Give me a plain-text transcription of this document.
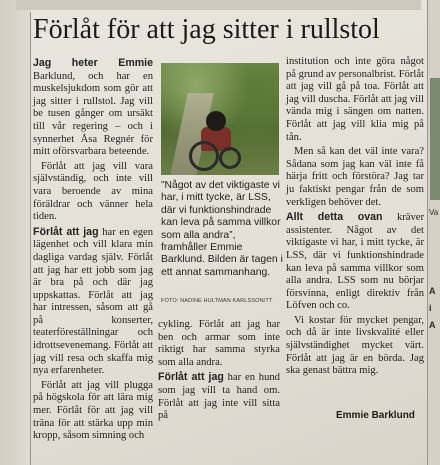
Förlåt för att jag sitter i rullstol

Jag heter Emmie Barklund, och har en muskelsjukdom som gör att jag sitter i rullstol. Jag vill be tusen gånger om ursäkt till vår regering – och i synnerhet Åsa Regnér för mitt oförsvarbara beteende.

Förlåt att jag vill vara självständig, och inte vill vara beroende av mina föräldrar och vänner hela tiden.

Förlåt att jag har en egen lägenhet och vill klara min dagliga vardag själv. Förlåt att jag har ett jobb som jag är bra på och där jag uppskattas. Förlåt att jag har intressen, såsom att gå på konserter, teaterföreställningar och idrottsevenemang. Förlåt att jag vill resa och skaffa mig nya erfarenheter.

Förlåt att jag vill plugga på högskola för att lära mig mer. Förlåt för att jag vill träna för att stärka upp min kropp, såsom simning och

”Något av det viktigaste vi har, i mitt tycke, är LSS, där vi funktionshindrade kan leva på samma villkor som alla andra”, framhåller Emmie Barklund. Bilden är tagen i ett annat sammanhang.

FOTO: NADINE HULTMAN KARLSSON/TT

cykling. Förlåt att jag har ben och armar som inte riktigt har samma styrka som alla andra.

Förlåt att jag har en hund som jag vill ta hand om. Förlåt att jag inte vill sitta på

institution och inte göra något på grund av personalbrist. Förlåt att jag vill gå på toa. Förlåt att jag vill duscha. Förlåt att jag vill vända mig i sängen om natten. Förlåt att jag vill klia mig på tån.

Men så kan det väl inte vara? Sådana som jag kan väl inte få härja fritt och förstöra? Jag tar ju faktiskt pengar från de som verkligen behöver det.

Allt detta ovan kräver assistenter. Något av det viktigaste vi har, i mitt tycke, är LSS, där vi funktionshindrade kan leva på samma villkor som alla andra. LSS som nu börjar försvinna, enligt direktiv från Löfven och co.

Vi kostar för mycket pengar, och då är inte livskvalité eller självständighet mycket värt. Förlåt att jag är en börda. Jag ska genast bättra mig.

Emmie Barklund
Va
A
i
A
